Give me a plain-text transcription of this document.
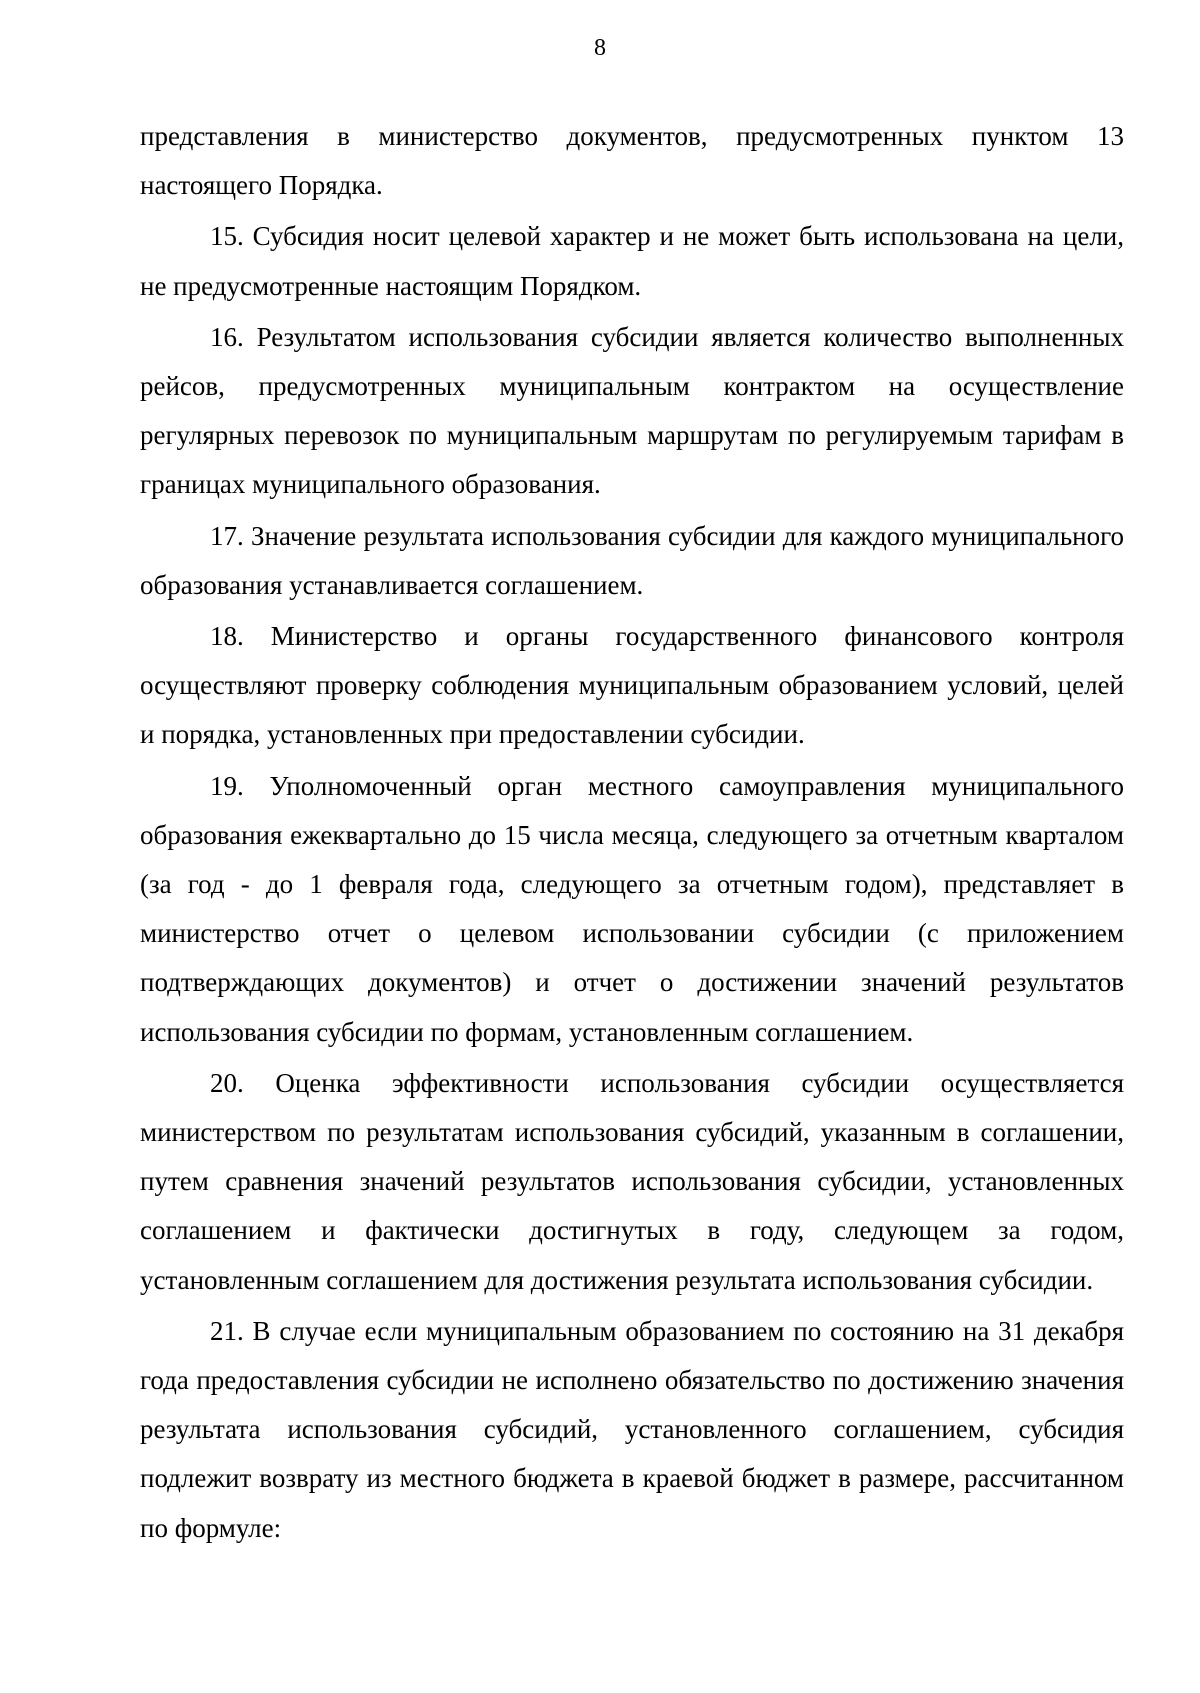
8

представления в министерство документов, предусмотренных пунктом 13 настоящего Порядка.

15. Субсидия носит целевой характер и не может быть использована на цели, не предусмотренные настоящим Порядком.

16. Результатом использования субсидии является количество выполненных рейсов, предусмотренных муниципальным контрактом на осуществление регулярных перевозок по муниципальным маршрутам по регулируемым тарифам в границах муниципального образования.

17. Значение результата использования субсидии для каждого муниципального образования устанавливается соглашением.

18. Министерство и органы государственного финансового контроля осуществляют проверку соблюдения муниципальным образованием условий, целей и порядка, установленных при предоставлении субсидии.

19. Уполномоченный орган местного самоуправления муниципального образования ежеквартально до 15 числа месяца, следующего за отчетным кварталом (за год - до 1 февраля года, следующего за отчетным годом), представляет в министерство отчет о целевом использовании субсидии (с приложением подтверждающих документов) и отчет о достижении значений результатов использования субсидии по формам, установленным соглашением.

20. Оценка эффективности использования субсидии осуществляется министерством по результатам использования субсидий, указанным в соглашении, путем сравнения значений результатов использования субсидии, установленных соглашением и фактически достигнутых в году, следующем за годом, установленным соглашением для достижения результата использования субсидии.

21. В случае если муниципальным образованием по состоянию на 31 декабря года предоставления субсидии не исполнено обязательство по достижению значения результата использования субсидий, установленного соглашением, субсидия подлежит возврату из местного бюджета в краевой бюджет в размере, рассчитанном по формуле:
